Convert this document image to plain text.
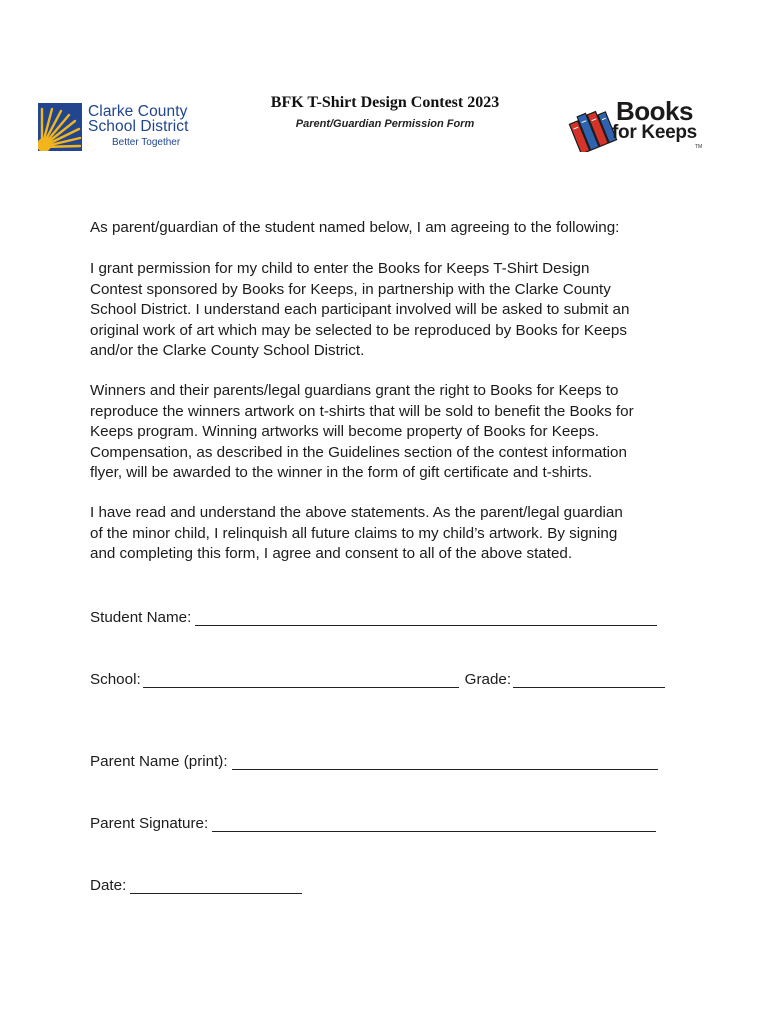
Clarke County
School District
Better Together
BFK T-Shirt Design Contest 2023
Parent/Guardian Permission Form	Books
for Keeps
TM
As parent/guardian of the student named below, I am agreeing to the following:
I grant permission for my child to enter the Books for Keeps T-Shirt Design
Contest sponsored by Books for Keeps, in partnership with the Clarke County
School District. I understand each participant involved will be asked to submit an
original work of art which may be selected to be reproduced by Books for Keeps
and/or the Clarke County School District.
Winners and their parents/legal guardians grant the right to Books for Keeps to
reproduce the winners artwork on t-shirts that will be sold to benefit the Books for
Keeps program. Winning artworks will become property of Books for Keeps.
Compensation, as described in the Guidelines section of the contest information
flyer, will be awarded to the winner in the form of gift certificate and t-shirts.
I have read and understand the above statements. As the parent/legal guardian
of the minor child, I relinquish all future claims to my child’s artwork. By signing
and completing this form, I agree and consent to all of the above stated.
Student Name:
School:	Grade:
Parent Name (print):
Parent Signature:
Date:
